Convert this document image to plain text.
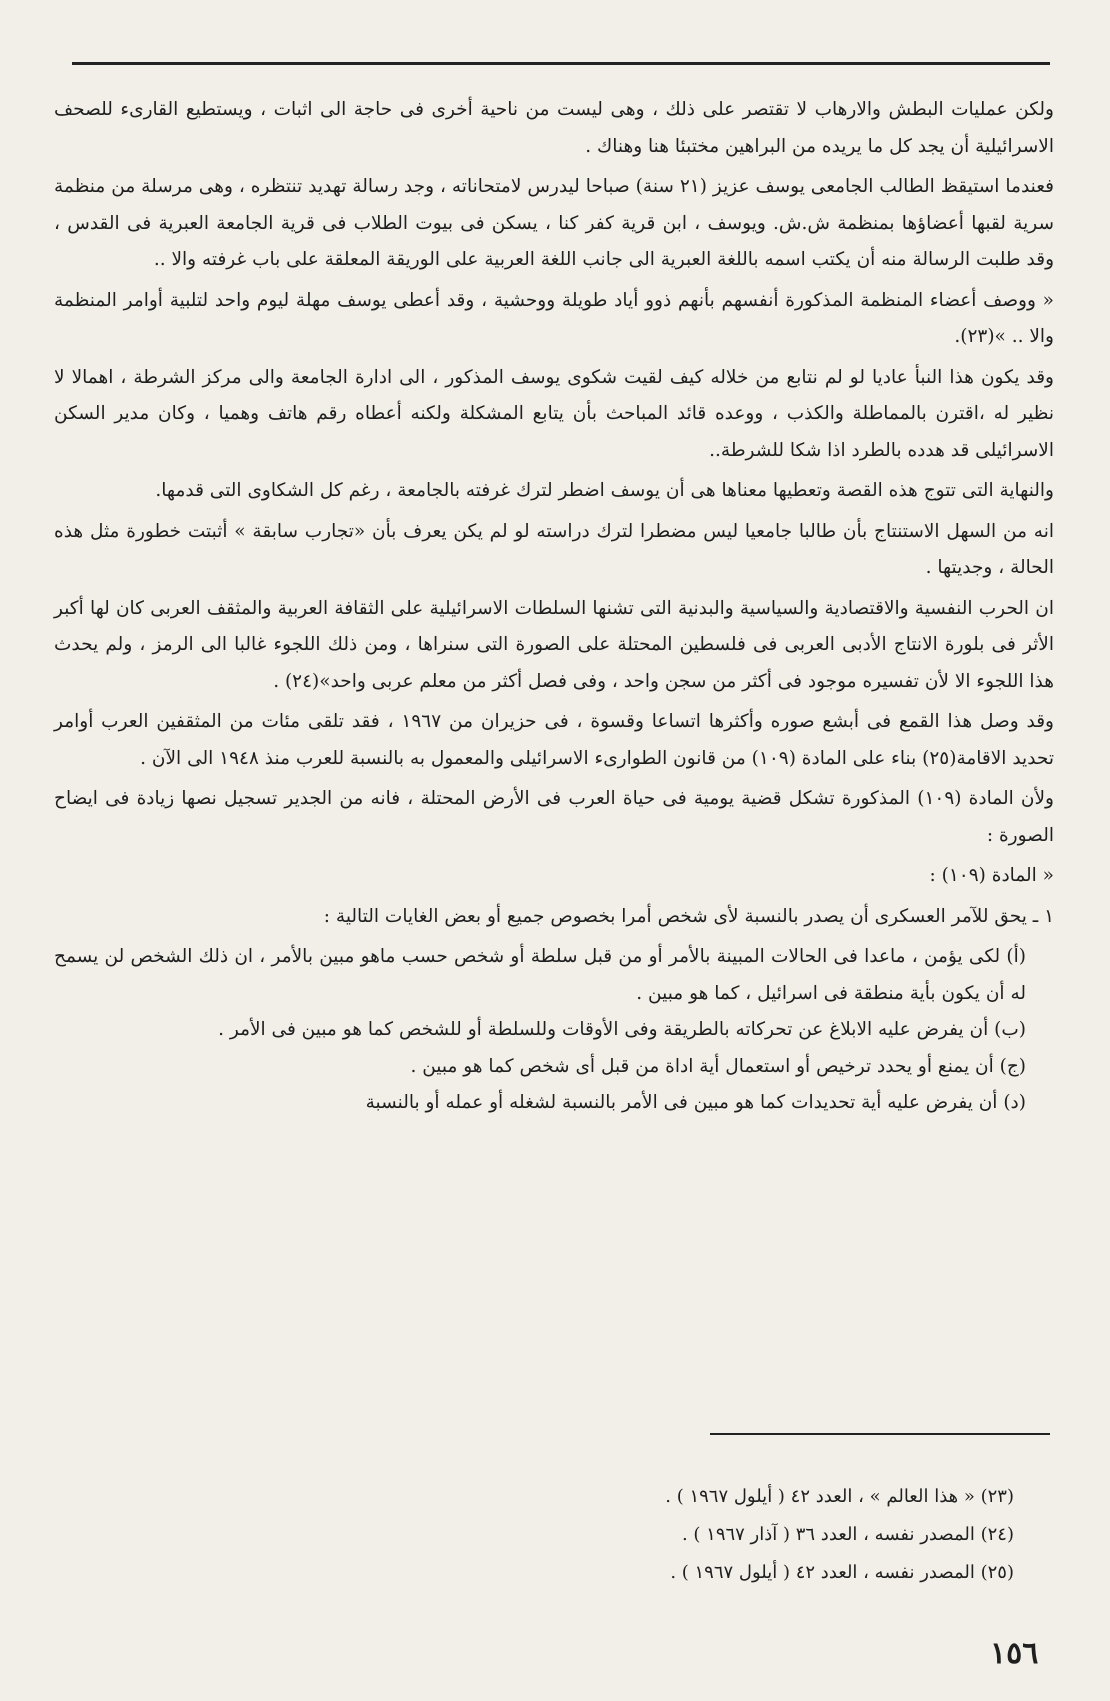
ولكن عمليات البطش والارهاب لا تقتصر على ذلك ، وهى ليست من ناحية أخرى فى حاجة الى اثبات ، ويستطيع القارىء للصحف الاسرائيلية أن يجد كل ما يريده من البراهين مختبئا هنا وهناك .

فعندما استيقظ الطالب الجامعى يوسف عزيز (٢١ سنة) صباحا ليدرس لامتحاناته ، وجد رسالة تهديد تنتظره ، وهى مرسلة من منظمة سرية لقبها أعضاؤها بمنظمة ش.ش. ويوسف ، ابن قرية كفر كنا ، يسكن فى بيوت الطلاب فى قرية الجامعة العبرية فى القدس ، وقد طلبت الرسالة منه أن يكتب اسمه باللغة العبرية الى جانب اللغة العربية على الوريقة المعلقة على باب غرفته والا ..

« ووصف أعضاء المنظمة المذكورة أنفسهم بأنهم ذوو أياد طويلة ووحشية ، وقد أعطى يوسف مهلة ليوم واحد لتلبية أوامر المنظمة والا .. »(٢٣).

وقد يكون هذا النبأ عاديا لو لم نتابع من خلاله كيف لقيت شكوى يوسف المذكور ، الى ادارة الجامعة والى مركز الشرطة ، اهمالا لا نظير له ،اقترن بالمماطلة والكذب ، ووعده قائد المباحث بأن يتابع المشكلة ولكنه أعطاه رقم هاتف وهميا ، وكان مدير السكن الاسرائيلى قد هدده بالطرد اذا شكا للشرطة..

والنهاية التى تتوج هذه القصة وتعطيها معناها هى أن يوسف اضطر لترك غرفته بالجامعة ، رغم كل الشكاوى التى قدمها.

انه من السهل الاستنتاج بأن طالبا جامعيا ليس مضطرا لترك دراسته لو لم يكن يعرف بأن «تجارب سابقة » أثبتت خطورة مثل هذه الحالة ، وجديتها .

ان الحرب النفسية والاقتصادية والسياسية والبدنية التى تشنها السلطات الاسرائيلية على الثقافة العربية والمثقف العربى كان لها أكبر الأثر فى بلورة الانتاج الأدبى العربى فى فلسطين المحتلة على الصورة التى سنراها ، ومن ذلك اللجوء غالبا الى الرمز ، ولم يحدث هذا اللجوء الا لأن تفسيره موجود فى أكثر من سجن واحد ، وفى فصل أكثر من معلم عربى واحد»(٢٤) .

وقد وصل هذا القمع فى أبشع صوره وأكثرها اتساعا وقسوة ، فى حزيران من ١٩٦٧ ، فقد تلقى مئات من المثقفين العرب أوامر تحديد الاقامة(٢٥) بناء على المادة (١٠٩) من قانون الطوارىء الاسرائيلى والمعمول به بالنسبة للعرب منذ ١٩٤٨ الى الآن .

ولأن المادة (١٠٩) المذكورة تشكل قضية يومية فى حياة العرب فى الأرض المحتلة ، فانه من الجدير تسجيل نصها زيادة فى ايضاح الصورة :

« المادة (١٠٩) :

١ ـ يحق للآمر العسكرى أن يصدر بالنسبة لأى شخص أمرا بخصوص جميع أو بعض الغايات التالية :

(أ) لكى يؤمن ، ماعدا فى الحالات المبينة بالأمر أو من قبل سلطة أو شخص حسب ماهو مبين بالأمر ، ان ذلك الشخص لن يسمح له أن يكون بأية منطقة فى اسرائيل ، كما هو مبين .

(ب) أن يفرض عليه الابلاغ عن تحركاته بالطريقة وفى الأوقات وللسلطة أو للشخص كما هو مبين فى الأمر .

(ج) أن يمنع أو يحدد ترخيص أو استعمال أية اداة من قبل أى شخص كما هو مبين .

(د) أن يفرض عليه أية تحديدات كما هو مبين فى الأمر بالنسبة لشغله أو عمله أو بالنسبة

(٢٣) « هذا العالم » ، العدد ٤٢ ( أيلول ١٩٦٧ ) .

(٢٤) المصدر نفسه ، العدد ٣٦ ( آذار ١٩٦٧ ) .

(٢٥) المصدر نفسه ، العدد ٤٢ ( أيلول ١٩٦٧ ) .

١٥٦
